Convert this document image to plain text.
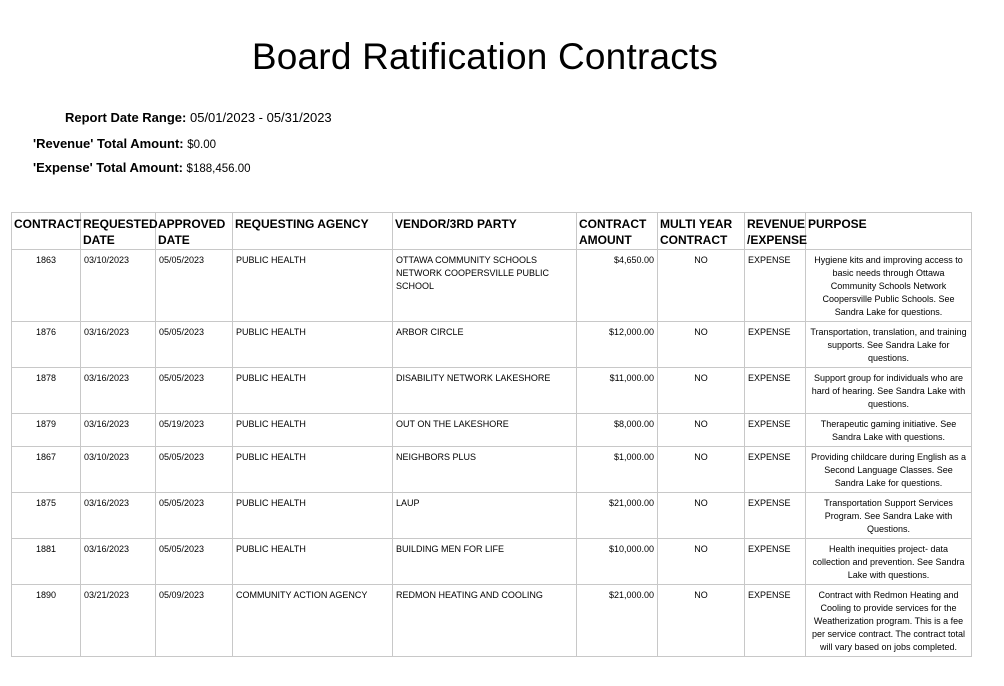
Board Ratification Contracts
Report Date Range: 05/01/2023 - 05/31/2023
'Revenue' Total Amount: $0.00
'Expense' Total Amount: $188,456.00
CONTRACT	REQUESTED DATE	APPROVED DATE	REQUESTING AGENCY	VENDOR/3RD PARTY	CONTRACT AMOUNT	MULTI YEAR CONTRACT	REVENUE /EXPENSE	PURPOSE
1863	03/10/2023	05/05/2023	PUBLIC HEALTH	OTTAWA COMMUNITY SCHOOLS NETWORK COOPERSVILLE PUBLIC SCHOOL	$4,650.00	NO	EXPENSE	Hygiene kits and improving access to basic needs through Ottawa Community Schools Network Coopersville Public Schools. See Sandra Lake for questions.
1876	03/16/2023	05/05/2023	PUBLIC HEALTH	ARBOR CIRCLE	$12,000.00	NO	EXPENSE	Transportation, translation, and training supports. See Sandra Lake for questions.
1878	03/16/2023	05/05/2023	PUBLIC HEALTH	DISABILITY NETWORK LAKESHORE	$11,000.00	NO	EXPENSE	Support group for individuals who are hard of hearing. See Sandra Lake with questions.
1879	03/16/2023	05/19/2023	PUBLIC HEALTH	OUT ON THE LAKESHORE	$8,000.00	NO	EXPENSE	Therapeutic gaming initiative. See Sandra Lake with questions.
1867	03/10/2023	05/05/2023	PUBLIC HEALTH	NEIGHBORS PLUS	$1,000.00	NO	EXPENSE	Providing childcare during English as a Second Language Classes. See Sandra Lake for questions.
1875	03/16/2023	05/05/2023	PUBLIC HEALTH	LAUP	$21,000.00	NO	EXPENSE	Transportation Support Services Program. See Sandra Lake with Questions.
1881	03/16/2023	05/05/2023	PUBLIC HEALTH	BUILDING MEN FOR LIFE	$10,000.00	NO	EXPENSE	Health inequities project- data collection and prevention. See Sandra Lake with questions.
1890	03/21/2023	05/09/2023	COMMUNITY ACTION AGENCY	REDMON HEATING AND COOLING	$21,000.00	NO	EXPENSE	Contract with Redmon Heating and Cooling to provide services for the Weatherization program. This is a fee per service contract. The contract total will vary based on jobs completed.
